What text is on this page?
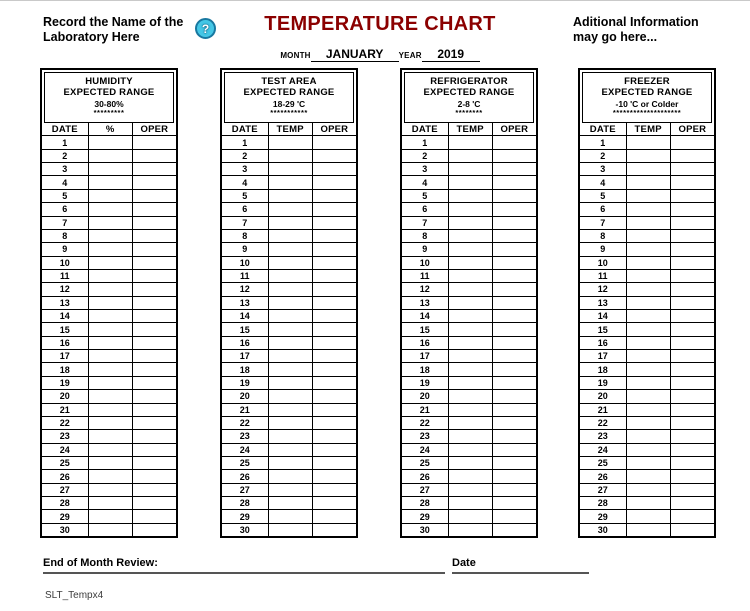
Record the Name of the
Laboratory Here
?	TEMPERATURE CHART
MONTH	JANUARY	YEAR	2019
Aditional Information
may go here...
HUMIDITY
EXPECTED RANGE
30-80%
*********
DATE	%	OPER
1
2
3
4
5
6
7
8
9
10
11
12
13
14
15
16
17
18
19
20
21
22
23
24
25
26
27
28
29
30
TEST AREA
EXPECTED RANGE
18-29 'C
***********
DATE	TEMP	OPER
1
2
3
4
5
6
7
8
9
10
11
12
13
14
15
16
17
18
19
20
21
22
23
24
25
26
27
28
29
30
REFRIGERATOR
EXPECTED RANGE
2-8 'C
********
DATE	TEMP	OPER
1
2
3
4
5
6
7
8
9
10
11
12
13
14
15
16
17
18
19
20
21
22
23
24
25
26
27
28
29
30
FREEZER
EXPECTED RANGE
-10 'C or Colder
********************
DATE	TEMP	OPER
1
2
3
4
5
6
7
8
9
10
11
12
13
14
15
16
17
18
19
20
21
22
23
24
25
26
27
28
29
30
End of Month Review:	Date
SLT_Tempx4
